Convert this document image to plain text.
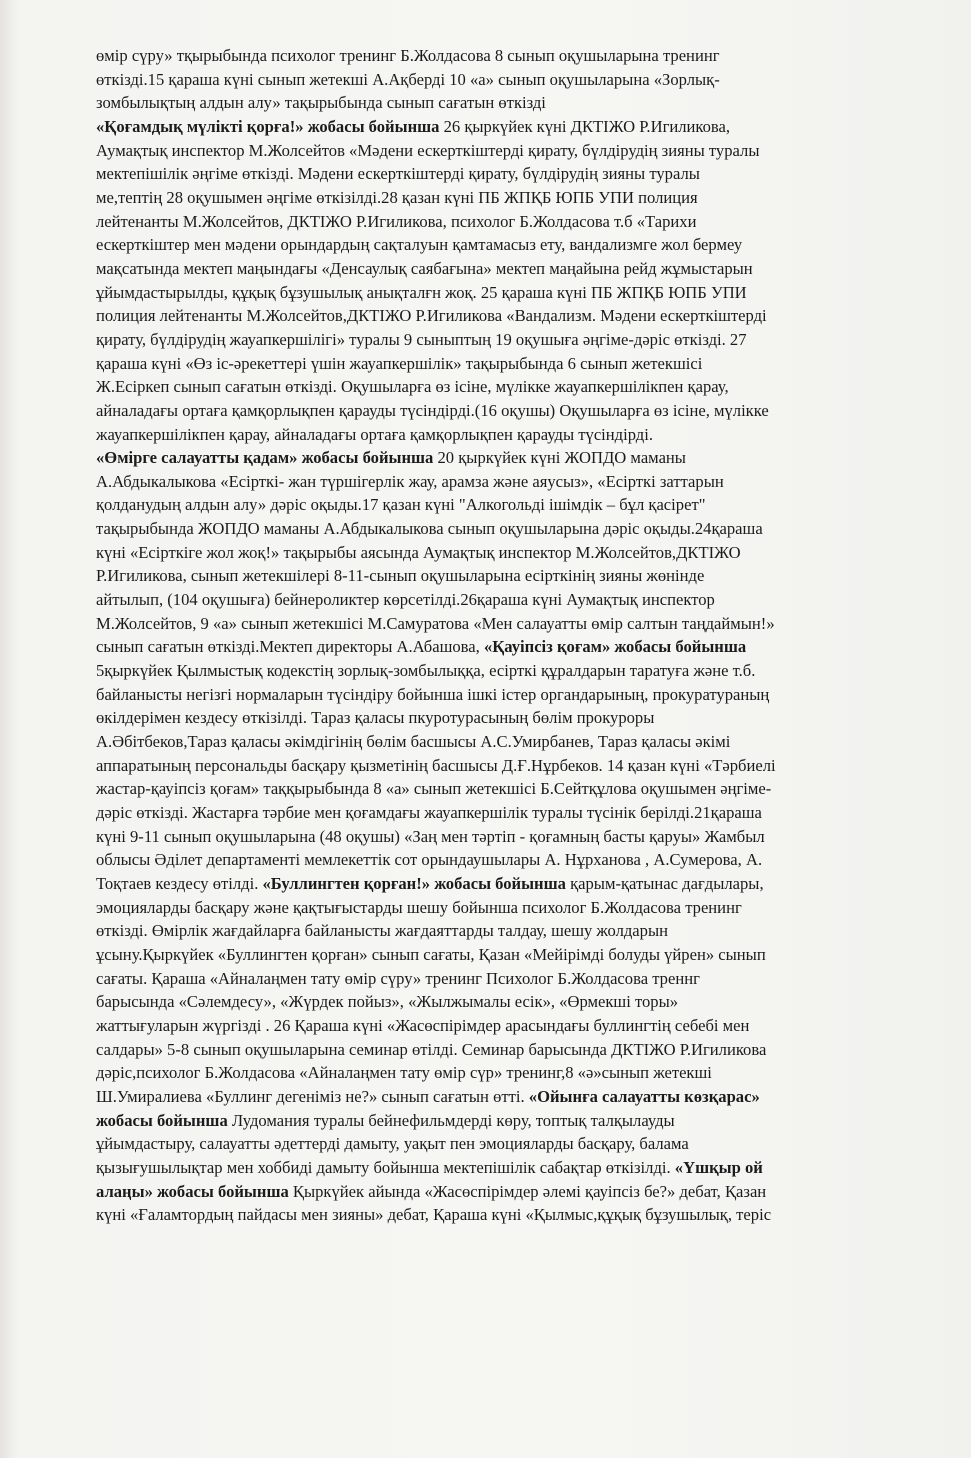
өмір сүру» тқырыбында психолог тренинг Б.Жолдасова 8 сынып оқушыларына тренинг
өткізді.15 қараша күні сынып жетекші А.Ақберді 10 «а» сынып оқушыларына «Зорлық-
зомбылықтың алдын алу» тақырыбында сынып сағатын өткізді
«Қоғамдық мүлікті қорға!» жобасы бойынша 26 қыркүйек күні ДКТІЖО Р.Игиликова,
Аумақтық инспектор М.Жолсейтов «Мәдени ескерткіштерді қирату, бүлдірудің зияны туралы
мектепішілік әңгіме өткізді. Мәдени ескерткіштерді қирату, бүлдірудің зияны туралы
ме,тептің 28 оқушымен әңгіме өткізілді.28 қазан күні ПБ ЖПҚБ ЮПБ УПИ полиция
лейтенанты М.Жолсейтов, ДКТІЖО Р.Игиликова, психолог Б.Жолдасова т.б «Тарихи
ескерткіштер мен мәдени орындардың сақталуын қамтамасыз ету, вандализмге жол бермеу
мақсатында мектеп маңындағы «Денсаулық саябағына» мектеп маңайына рейд жұмыстарын
ұйымдастырылды, құқық бұзушылық анықталғн жоқ. 25 қараша күні ПБ ЖПҚБ ЮПБ УПИ
полиция лейтенанты М.Жолсейтов,ДКТІЖО Р.Игиликова «Вандализм. Мәдени ескерткіштерді
қирату, бүлдірудің жауапкершілігі» туралы 9 сыныптың 19 оқушыға әңгіме-дәріс өткізді. 27
қараша күні «Өз іс-әрекеттері үшін жауапкершілік» тақырыбында 6 сынып жетекшісі
Ж.Есіркеп сынып сағатын өткізді. Оқушыларға өз ісіне, мүлікке жауапкершілікпен қарау,
айналадағы ортаға қамқорлықпен қарауды түсіндірді.(16 оқушы) Оқушыларға өз ісіне, мүлікке
жауапкершілікпен қарау, айналадағы ортаға қамқорлықпен қарауды түсіндірді.
«Өмірге салауатты қадам» жобасы бойынша 20 қыркүйек күні ЖОПДО маманы
А.Абдыкалыкова «Есірткі- жан түршігерлік жау, арамза және аяусыз», «Есірткі заттарын
қолданудың алдын алу» дәріс оқыды.17 қазан күні "Алкогольді ішімдік – бұл қасірет"
тақырыбында ЖОПДО маманы А.Абдыкалыкова сынып оқушыларына дәріс оқыды.24қараша
күні «Есірткіге жол жоқ!» тақырыбы аясында Аумақтық инспектор М.Жолсейтов,ДКТІЖО
Р.Игиликова, сынып жетекшілері 8-11-сынып оқушыларына есірткінің зияны жөнінде
айтылып, (104 оқушыға) бейнероликтер көрсетілді.26қараша күні Аумақтық инспектор
М.Жолсейтов, 9 «а» сынып жетекшісі М.Самуратова «Мен салауатты өмір салтын таңдаймын!»
сынып сағатын өткізді.Мектеп директоры А.Абашова, «Қауіпсіз қоғам» жобасы бойынша
5қыркүйек Қылмыстық кодекстің зорлық-зомбылыққа, есірткі құралдарын таратуға және т.б.
байланысты негізгі нормаларын түсіндіру бойынша ішкі істер органдарының, прокуратураның
өкілдерімен кездесу өткізілді. Тараз қаласы пкуротурасының бөлім прокуроры
А.Әбітбеков,Тараз қаласы әкімдігінің бөлім басшысы А.С.Умирбанев, Тараз қаласы әкімі
аппаратының персональды басқару қызметінің басшысы Д.Ғ.Нұрбеков. 14 қазан күні «Тәрбиелі
жастар-қауіпсіз қоғам» таққырыбында 8 «а» сынып жетекшісі Б.Сейтқұлова оқушымен әңгіме-
дәріс өткізді. Жастарға тәрбие мен қоғамдағы жауапкершілік туралы түсінік берілді.21қараша
күні 9-11 сынып оқушыларына (48 оқушы) «Заң мен тәртіп - қоғамның басты қаруы» Жамбыл
облысы Әділет департаменті мемлекеттік сот орындаушылары А. Нұрханова , А.Сумерова, А.
Тоқтаев кездесу өтілді. «Буллингтен қорған!» жобасы бойынша қарым-қатынас дағдылары,
эмоцияларды басқару және қақтығыстарды шешу бойынша психолог Б.Жолдасова тренинг
өткізді. Өмірлік жағдайларға байланысты жағдаяттарды талдау, шешу жолдарын
ұсыну.Қыркүйек «Буллингтен қорған» сынып сағаты, Қазан «Мейірімді болуды үйрен» сынып
сағаты. Қараша «Айналаңмен тату өмір сүру» тренинг Психолог Б.Жолдасова треннг
барысында «Сәлемдесу», «Жүрдек пойыз», «Жылжымалы есік», «Өрмекші торы»
жаттығуларын жүргізді . 26 Қараша күні «Жасөспірімдер арасындағы буллингтің себебі мен
салдары» 5-8 сынып оқушыларына семинар өтілді. Семинар барысында ДКТІЖО Р.Игиликова
дәріс,психолог Б.Жолдасова «Айналаңмен тату өмір сүр» тренинг,8 «ә»сынып жетекші
Ш.Умиралиева «Буллинг дегеніміз не?» сынып сағатын өтті. «Ойынға салауатты көзқарас»
жобасы бойынша Лудомания туралы бейнефильмдерді көру, топтық талқылауды
ұйымдастыру, салауатты әдеттерді дамыту, уақыт пен эмоцияларды басқару, балама
қызығушылықтар мен хоббиді дамыту бойынша мектепішілік сабақтар өткізілді. «Үшқыр ой
алаңы» жобасы бойынша Қыркүйек айында «Жасөспірімдер әлемі қауіпсіз бе?» дебат, Қазан
күні «Ғаламтордың пайдасы мен зияны» дебат, Қараша күні «Қылмыс,құқық бұзушылық, теріс
